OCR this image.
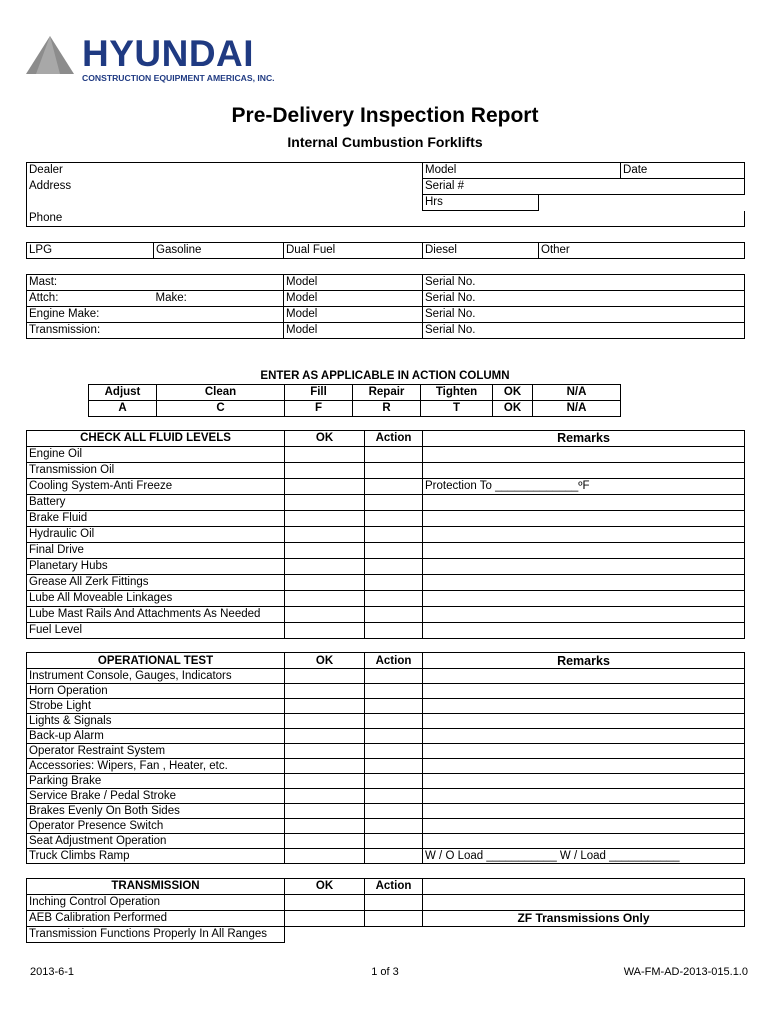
HYUNDAI
CONSTRUCTION EQUIPMENT AMERICAS, INC.
Pre-Delivery Inspection Report
Internal Cumbustion Forklifts
Dealer	Model		Date
Address	Serial #		
	Hrs		
Phone			
LPG	Gasoline	Dual Fuel	Diesel	Other
Mast:		Model	Serial No.
Attch:	Make:	Model	Serial No.
Engine Make:		Model	Serial No.
Transmission:		Model	Serial No.
ENTER AS APPLICABLE IN ACTION COLUMN
Adjust	Clean	Fill	Repair	Tighten	OK	N/A
A	C	F	R	T	OK	N/A
CHECK ALL FLUID LEVELS	OK	Action	Remarks
Engine Oil			
Transmission Oil			
Cooling System-Anti Freeze			Protection To _____________ºF
Battery			
Brake Fluid			
Hydraulic Oil			
Final Drive			
Planetary Hubs			
Grease All Zerk Fittings			
Lube All Moveable Linkages			
Lube Mast Rails And Attachments As Needed			
Fuel Level			
OPERATIONAL TEST	OK	Action	Remarks
Instrument Console, Gauges, Indicators			
Horn Operation			
Strobe Light			
Lights & Signals			
Back-up Alarm			
Operator Restraint System			
Accessories: Wipers, Fan , Heater, etc.			
Parking Brake			
Service Brake / Pedal Stroke			
Brakes Evenly On Both Sides			
Operator Presence Switch			
Seat Adjustment Operation			
Truck Climbs Ramp			W / O Load ___________ W / Load ___________
TRANSMISSION	OK	Action	
Inching Control Operation			
AEB Calibration Performed			ZF Transmissions Only
Transmission Functions Properly In All Ranges			
2013-6-1	1 of 3	WA-FM-AD-2013-015.1.0
